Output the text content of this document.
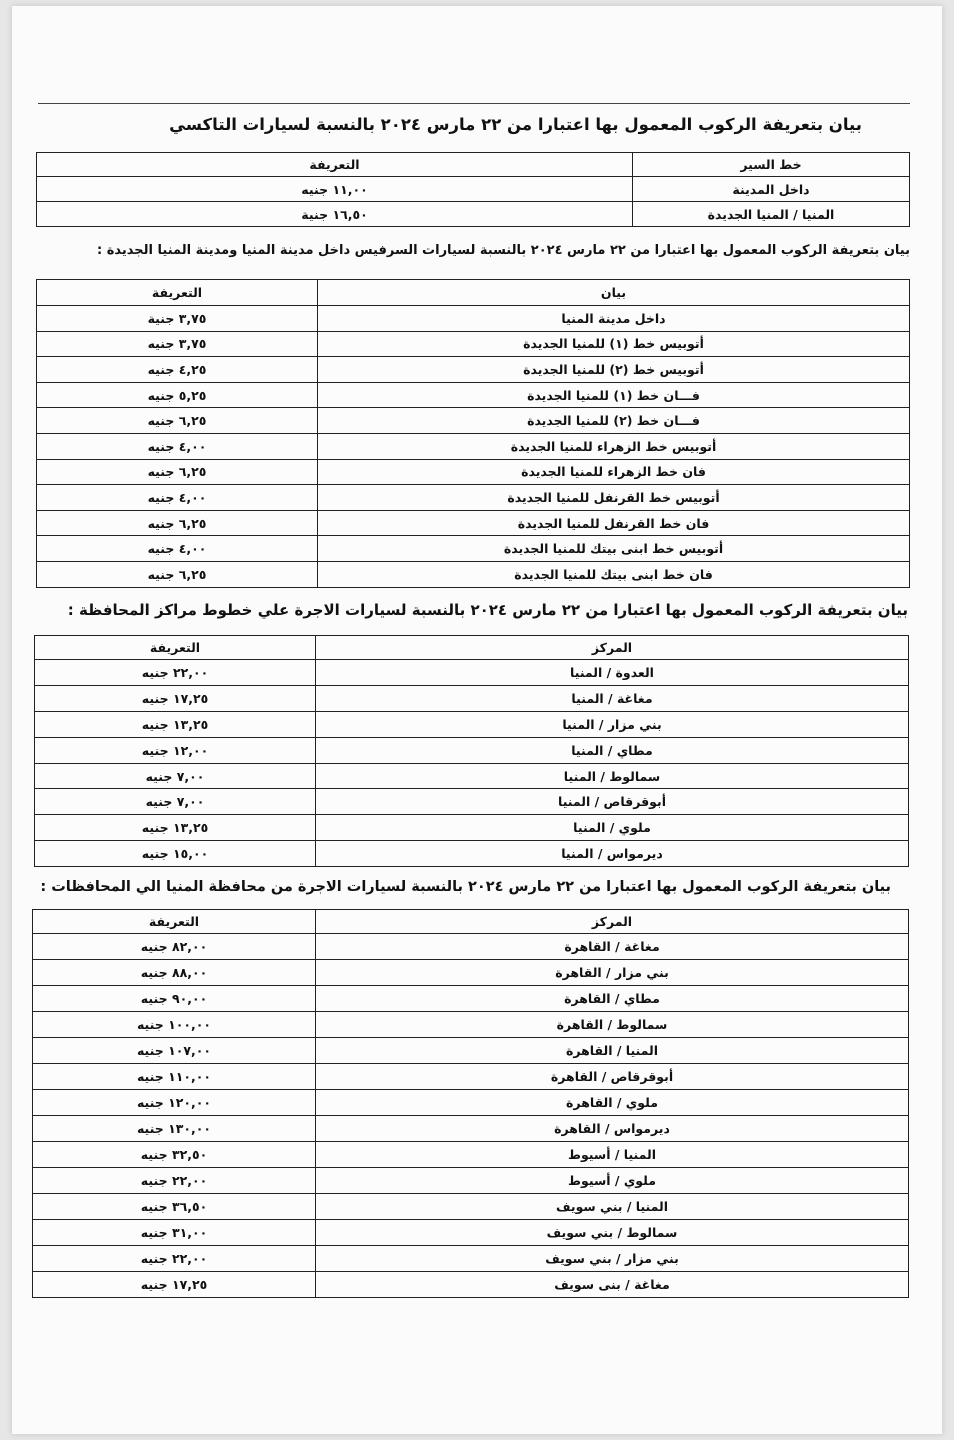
بيان بتعريفة الركوب المعمول بها اعتبارا من ٢٢ مارس ٢٠٢٤ بالنسبة لسيارات التاكسي
خط السير	التعريفة
داخل المدينة	١١,٠٠ جنيه
المنيا / المنيا الجديدة	١٦,٥٠ جنية
بيان بتعريفة الركوب المعمول بها اعتبارا من ٢٢ مارس ٢٠٢٤ بالنسبة لسيارات السرفيس داخل مدينة المنيا ومدينة المنيا الجديدة :
بيان	التعريفة
داخل مدينة المنيا	٣,٧٥ جنية
أتوبيس خط (١) للمنيا الجديدة	٣,٧٥ جنيه
أتوبيس خط (٢) للمنيا الجديدة	٤,٢٥ جنيه
فـــان خط (١) للمنيا الجديدة	٥,٢٥ جنيه
فـــان خط (٢) للمنيا الجديدة	٦,٢٥ جنيه
أتوبيس خط الزهراء للمنيا الجديدة	٤,٠٠ جنيه
فان خط الزهراء للمنيا الجديدة	٦,٢٥ جنيه
أتوبيس خط القرنفل للمنيا الجديدة	٤,٠٠ جنيه
فان خط القرنفل للمنيا الجديدة	٦,٢٥ جنيه
أتوبيس خط ابنى بيتك للمنيا الجديدة	٤,٠٠ جنيه
فان خط ابنى بيتك للمنيا الجديدة	٦,٢٥ جنيه
بيان بتعريفة الركوب المعمول بها اعتبارا من ٢٢ مارس ٢٠٢٤ بالنسبة لسيارات الاجرة علي خطوط مراكز المحافظة :
المركز	التعريفة
العدوة / المنيا	٢٢,٠٠ جنيه
مغاغة / المنيا	١٧,٢٥ جنيه
بني مزار / المنيا	١٣,٢٥ جنيه
مطاي / المنيا	١٢,٠٠ جنيه
سمالوط / المنيا	٧,٠٠ جنيه
أبوقرقاص / المنيا	٧,٠٠ جنيه
ملوي / المنيا	١٣,٢٥ جنيه
ديرمواس / المنيا	١٥,٠٠ جنيه
بيان بتعريفة الركوب المعمول بها اعتبارا من ٢٢ مارس ٢٠٢٤ بالنسبة لسيارات الاجرة من محافظة المنيا الي المحافظات :
المركز	التعريفة
مغاغة / القاهرة	٨٢,٠٠ جنيه
بني مزار / القاهرة	٨٨,٠٠ جنيه
مطاي / القاهرة	٩٠,٠٠ جنيه
سمالوط / القاهرة	١٠٠,٠٠ جنيه
المنيا / القاهرة	١٠٧,٠٠ جنيه
أبوقرقاص / القاهرة	١١٠,٠٠ جنيه
ملوي / القاهرة	١٢٠,٠٠ جنيه
ديرمواس / القاهرة	١٣٠,٠٠ جنيه
المنيا / أسيوط	٣٢,٥٠ جنيه
ملوي / أسيوط	٢٢,٠٠ جنيه
المنيا / بني سويف	٣٦,٥٠ جنيه
سمالوط / بني سويف	٣١,٠٠ جنيه
بني مزار / بني سويف	٢٢,٠٠ جنيه
مغاغة / بنى سويف	١٧,٢٥ جنيه
